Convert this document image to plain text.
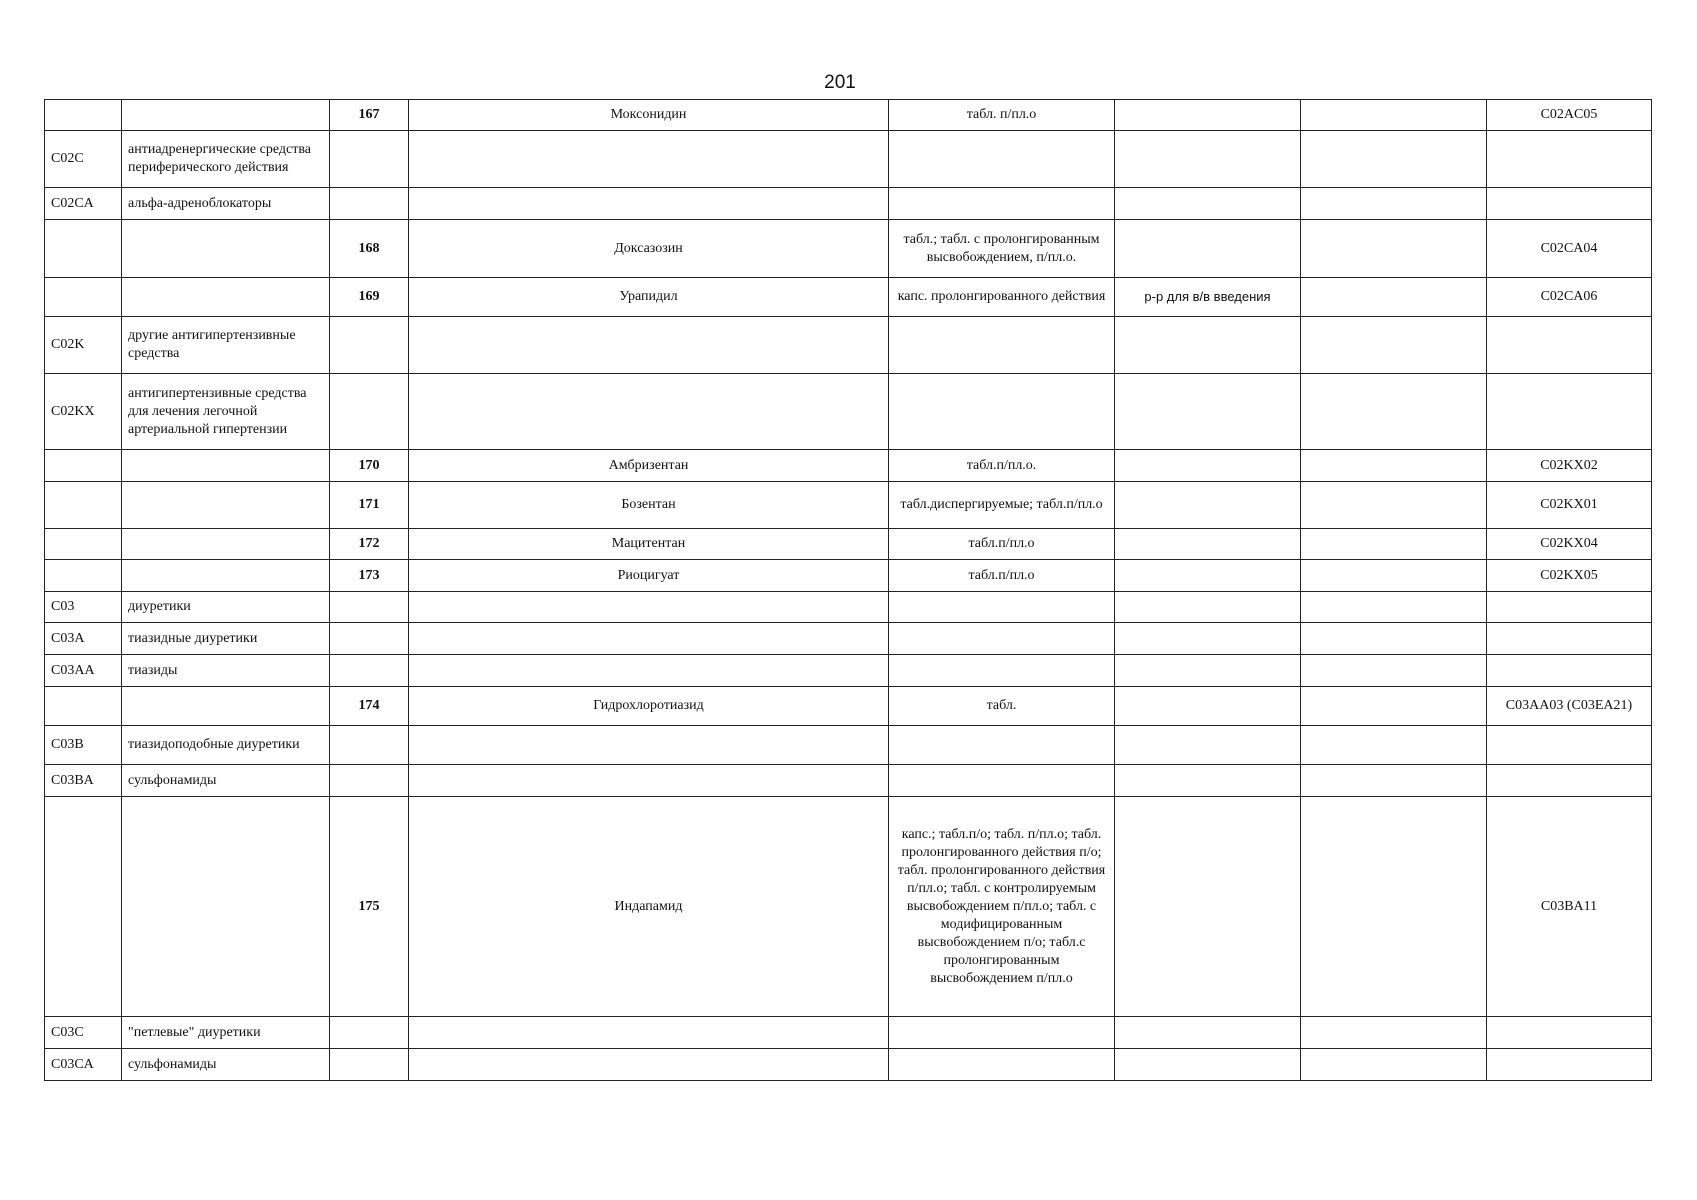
201
		167	Моксонидин	табл. п/пл.о			C02AC05
C02C	антиадренергические средства периферического действия						
C02CA	альфа-адреноблокаторы						
		168	Доксазозин	табл.; табл. с пролонгированным высвобождением, п/пл.о.			C02CA04
		169	Урапидил	капс. пролонгированного действия	р-р для в/в введения		C02CA06
C02K	другие антигипертензивные средства						
C02KX	антигипертензивные средства для лечения легочной артериальной гипертензии						
		170	Амбризентан	табл.п/пл.о.			C02KX02
		171	Бозентан	табл.диспергируемые; табл.п/пл.о			C02KX01
		172	Мацитентан	табл.п/пл.о			C02KX04
		173	Риоцигуат	табл.п/пл.о			C02KX05
C03	диуретики						
C03A	тиазидные диуретики						
C03AA	тиазиды						
		174	Гидрохлоротиазид	табл.			C03AA03 (C03EA21)
C03B	тиазидоподобные диуретики						
C03BA	сульфонамиды						
		175	Индапамид	капс.; табл.п/о; табл. п/пл.о; табл. пролонгированного действия п/о; табл. пролонгированного действия п/пл.о; табл. с контролируемым высвобождением п/пл.о; табл. с модифицированным высвобождением п/о; табл.с пролонгированным высвобождением п/пл.о			C03BA11
C03C	"петлевые" диуретики						
C03CA	сульфонамиды						
